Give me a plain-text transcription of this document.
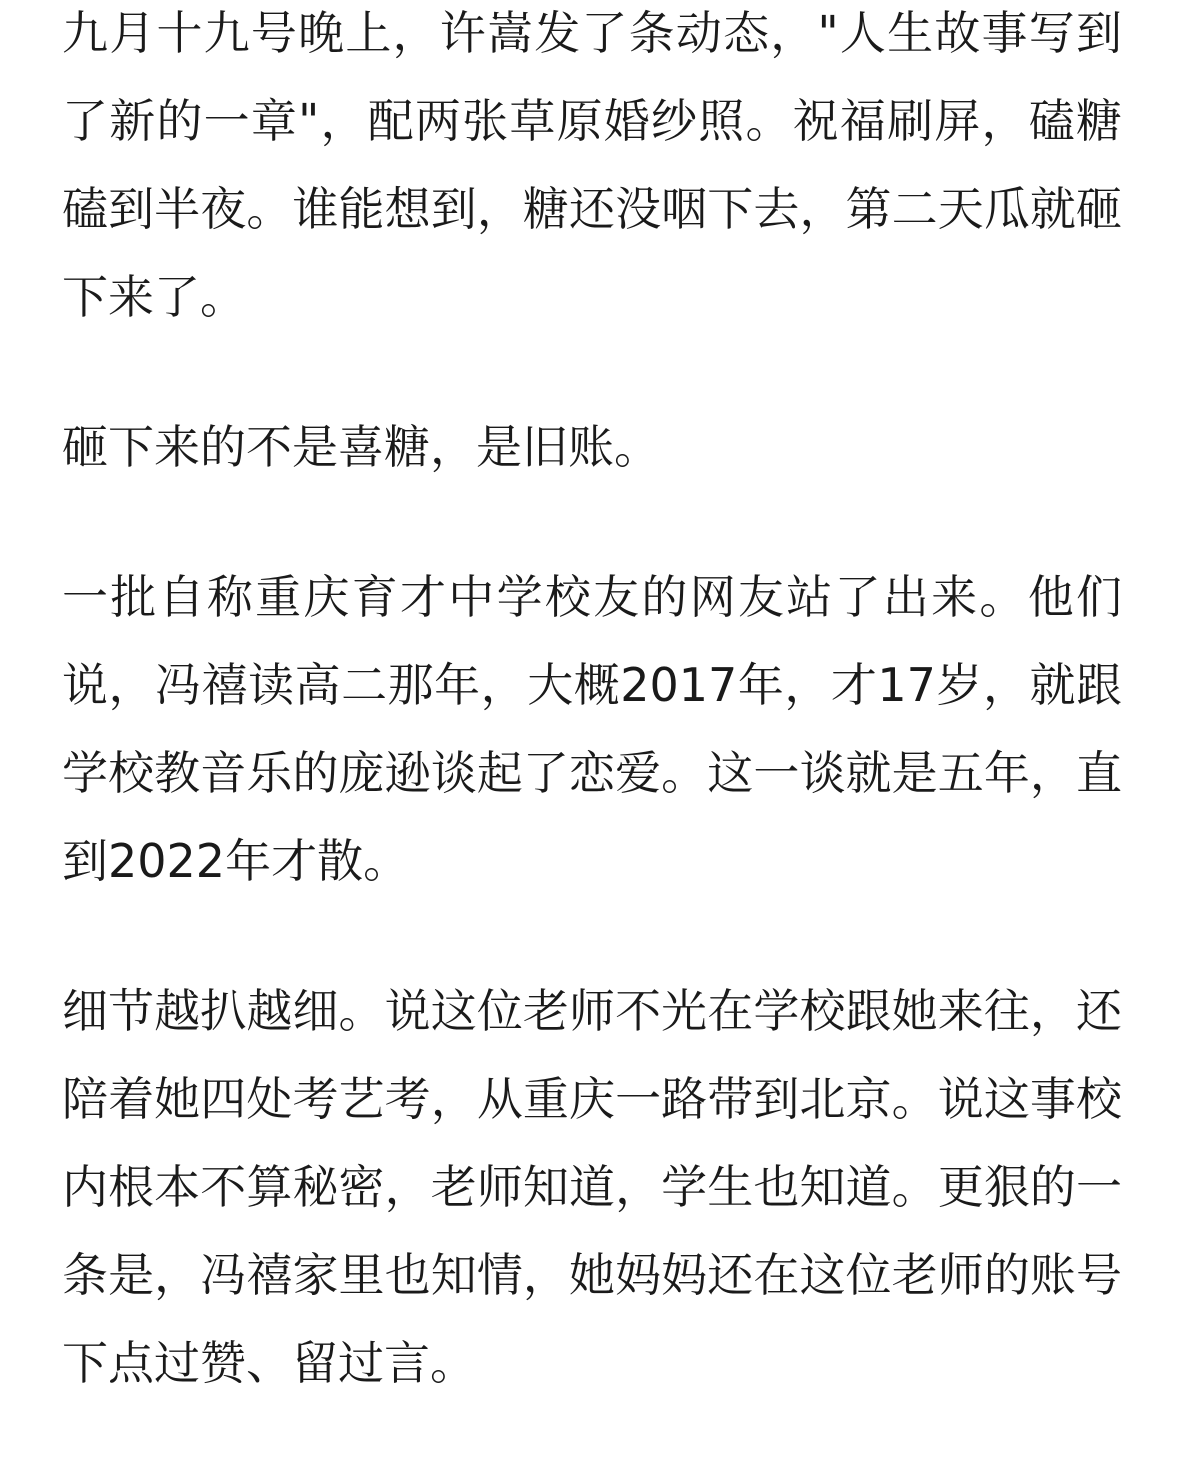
九月十九号晚上，许嵩发了条动态，"人生故事写到了新的一章"，配两张草原婚纱照。祝福刷屏，磕糖磕到半夜。谁能想到，糖还没咽下去，第二天瓜就砸下来了。

砸下来的不是喜糖，是旧账。

一批自称重庆育才中学校友的网友站了出来。他们说，冯禧读高二那年，大概2017年，才17岁，就跟学校教音乐的庞逊谈起了恋爱。这一谈就是五年，直到2022年才散。

细节越扒越细。说这位老师不光在学校跟她来往，还陪着她四处考艺考，从重庆一路带到北京。说这事校内根本不算秘密，老师知道，学生也知道。更狠的一条是，冯禧家里也知情，她妈妈还在这位老师的账号下点过赞、留过言。
